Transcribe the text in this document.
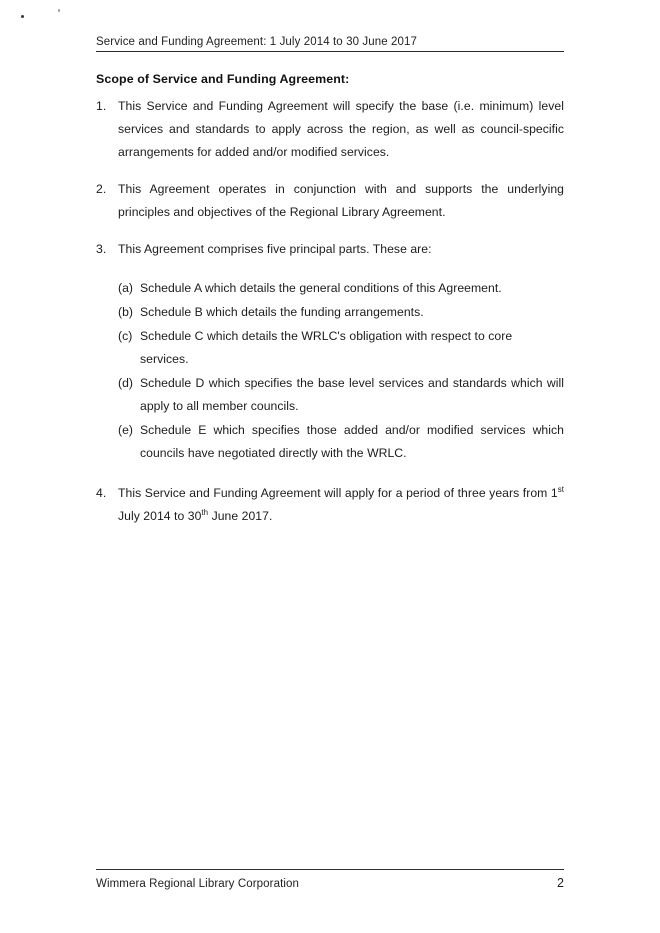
Service and Funding Agreement: 1 July 2014 to 30 June 2017
Scope of Service and Funding Agreement:
1. This Service and Funding Agreement will specify the base (i.e. minimum) level services and standards to apply across the region, as well as council-specific arrangements for added and/or modified services.
2. This Agreement operates in conjunction with and supports the underlying principles and objectives of the Regional Library Agreement.
3. This Agreement comprises five principal parts. These are:
(a) Schedule A which details the general conditions of this Agreement.
(b) Schedule B which details the funding arrangements.
(c) Schedule C which details the WRLC's obligation with respect to core services.
(d) Schedule D which specifies the base level services and standards which will apply to all member councils.
(e) Schedule E which specifies those added and/or modified services which councils have negotiated directly with the WRLC.
4. This Service and Funding Agreement will apply for a period of three years from 1st July 2014 to 30th June 2017.
Wimmera Regional Library Corporation	2
